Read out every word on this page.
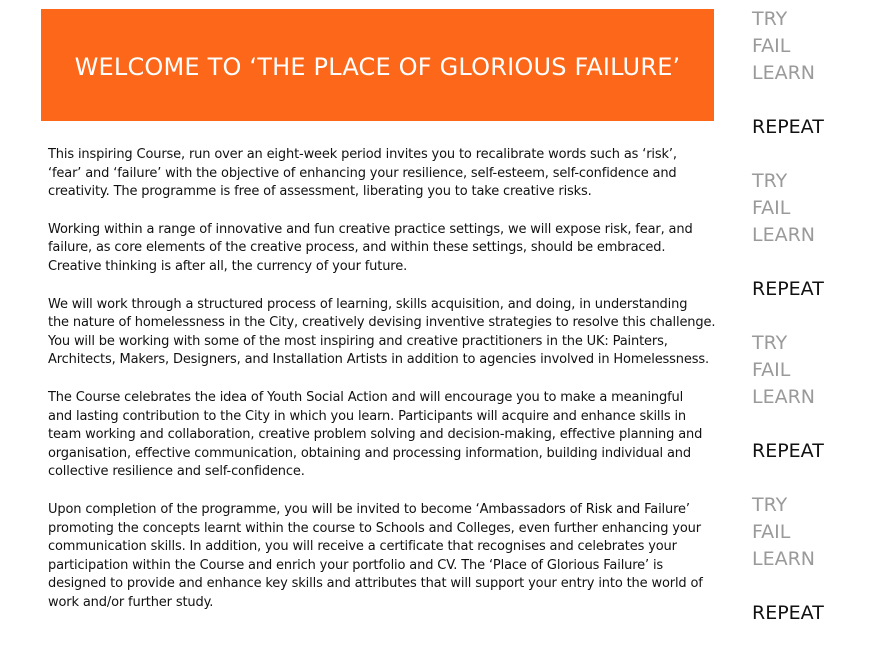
WELCOME TO ‘THE PLACE OF GLORIOUS FAILURE’

This inspiring Course, run over an eight-week period invites you to recalibrate words such as ‘risk’,
‘fear’ and ‘failure’ with the objective of enhancing your resilience, self-esteem, self-confidence and
creativity. The programme is free of assessment, liberating you to take creative risks.

Working within a range of innovative and fun creative practice settings, we will expose risk, fear, and
failure, as core elements of the creative process, and within these settings, should be embraced.
Creative thinking is after all, the currency of your future.

We will work through a structured process of learning, skills acquisition, and doing, in understanding
the nature of homelessness in the City, creatively devising inventive strategies to resolve this challenge.
You will be working with some of the most inspiring and creative practitioners in the UK: Painters,
Architects, Makers, Designers, and Installation Artists in addition to agencies involved in Homelessness.

The Course celebrates the idea of Youth Social Action and will encourage you to make a meaningful
and lasting contribution to the City in which you learn. Participants will acquire and enhance skills in
team working and collaboration, creative problem solving and decision-making, effective planning and
organisation, effective communication, obtaining and processing information, building individual and
collective resilience and self-confidence.

Upon completion of the programme, you will be invited to become ‘Ambassadors of Risk and Failure’
promoting the concepts learnt within the course to Schools and Colleges, even further enhancing your
communication skills. In addition, you will receive a certificate that recognises and celebrates your
participation within the Course and enrich your portfolio and CV. The ‘Place of Glorious Failure’ is
designed to provide and enhance key skills and attributes that will support your entry into the world of
work and/or further study.

TRY
FAIL
LEARN
REPEAT
TRY
FAIL
LEARN
REPEAT
TRY
FAIL
LEARN
REPEAT
TRY
FAIL
LEARN
REPEAT
